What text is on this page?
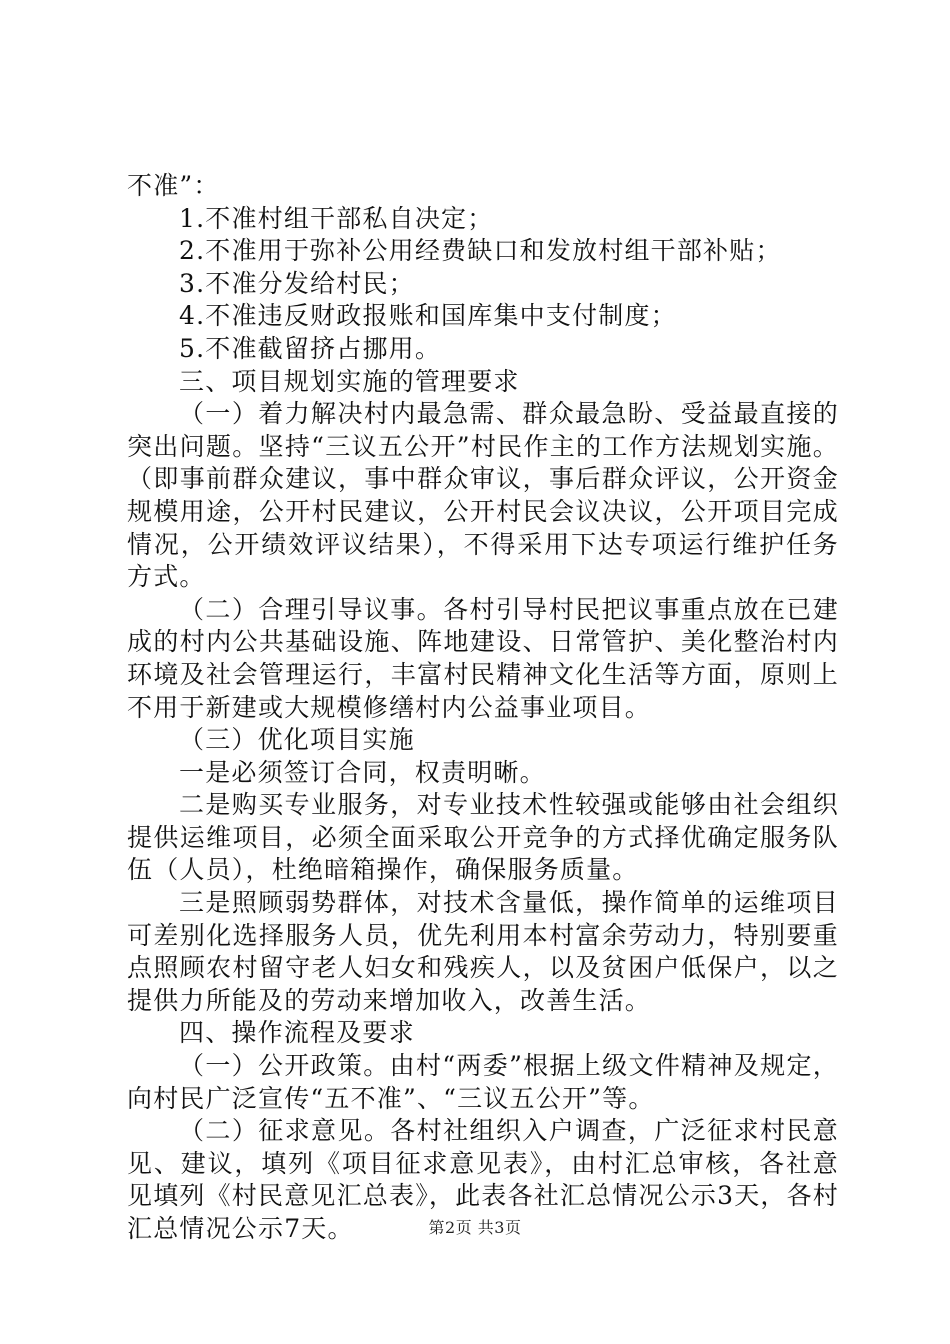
不准”：

1.不准村组干部私自决定；

2.不准用于弥补公用经费缺口和发放村组干部补贴；

3.不准分发给村民；

4.不准违反财政报账和国库集中支付制度；

5.不准截留挤占挪用。

三、项目规划实施的管理要求

（一）着力解决村内最急需、群众最急盼、受益最直接的突出问题。坚持“三议五公开”村民作主的工作方法规划实施。（即事前群众建议，事中群众审议，事后群众评议，公开资金规模用途，公开村民建议，公开村民会议决议，公开项目完成情况，公开绩效评议结果），不得采用下达专项运行维护任务方式。

（二）合理引导议事。各村引导村民把议事重点放在已建成的村内公共基础设施、阵地建设、日常管护、美化整治村内环境及社会管理运行，丰富村民精神文化生活等方面，原则上不用于新建或大规模修缮村内公益事业项目。

（三）优化项目实施

一是必须签订合同，权责明晰。

二是购买专业服务，对专业技术性较强或能够由社会组织提供运维项目，必须全面采取公开竞争的方式择优确定服务队伍（人员），杜绝暗箱操作，确保服务质量。

三是照顾弱势群体，对技术含量低，操作简单的运维项目可差别化选择服务人员，优先利用本村富余劳动力，特别要重点照顾农村留守老人妇女和残疾人，以及贫困户低保户，以之提供力所能及的劳动来增加收入，改善生活。

四、操作流程及要求

（一）公开政策。由村“两委”根据上级文件精神及规定，向村民广泛宣传“五不准”、“三议五公开”等。

（二）征求意见。各村社组织入户调查，广泛征求村民意见、建议，填列《项目征求意见表》，由村汇总审核，各社意见填列《村民意见汇总表》，此表各社汇总情况公示3天，各村汇总情况公示7天。	第2页 共3页
